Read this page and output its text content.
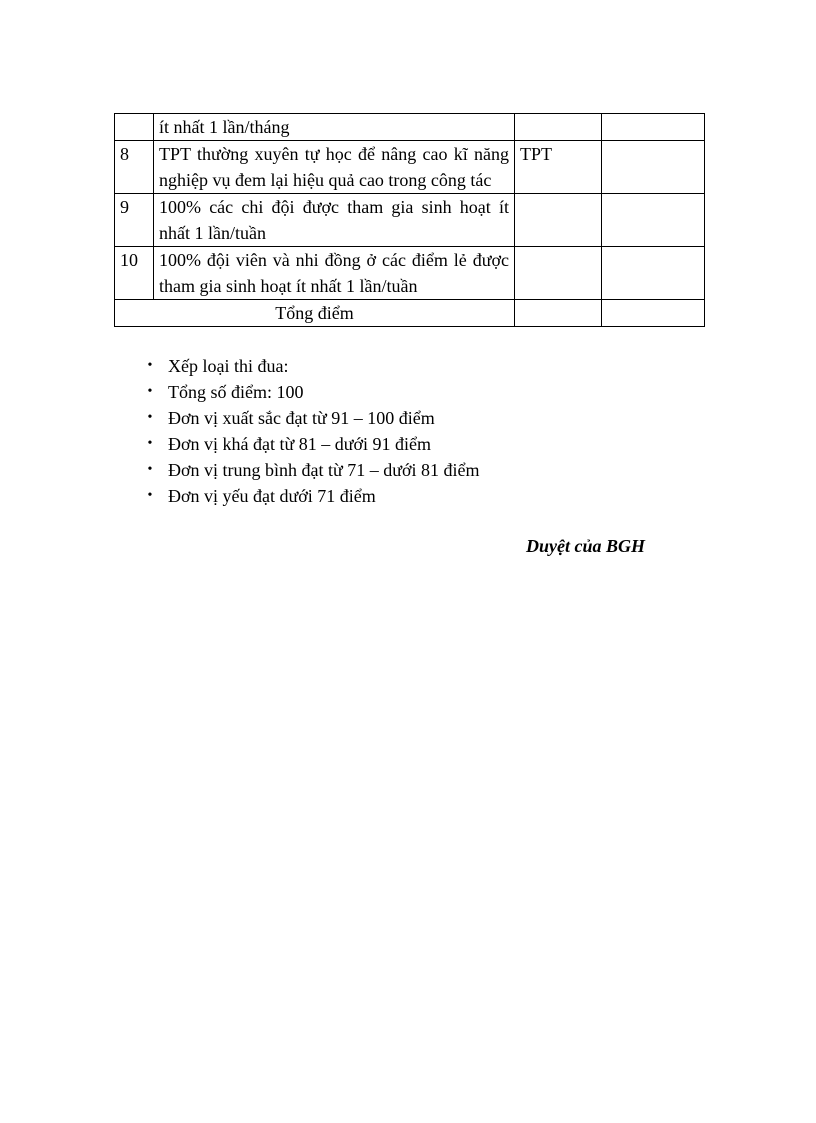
	ít nhất 1 lần/tháng		
8	TPT thường xuyên tự học để nâng cao kĩ năng nghiệp vụ đem lại hiệu quả cao trong công tác	TPT	
9	100% các chi đội được tham gia sinh hoạt ít nhất 1 lần/tuần		
10	100% đội viên và nhi đồng ở các điểm lẻ được tham gia sinh hoạt ít nhất 1 lần/tuần		
Tổng điểm			
• Xếp loại thi đua:
• Tổng số điểm: 100
• Đơn vị xuất sắc đạt từ 91 – 100 điểm
• Đơn vị khá đạt từ 81 – dưới 91 điểm
• Đơn vị trung bình đạt từ 71 – dưới 81 điểm
• Đơn vị yếu đạt dưới 71 điểm
Duyệt của BGH
